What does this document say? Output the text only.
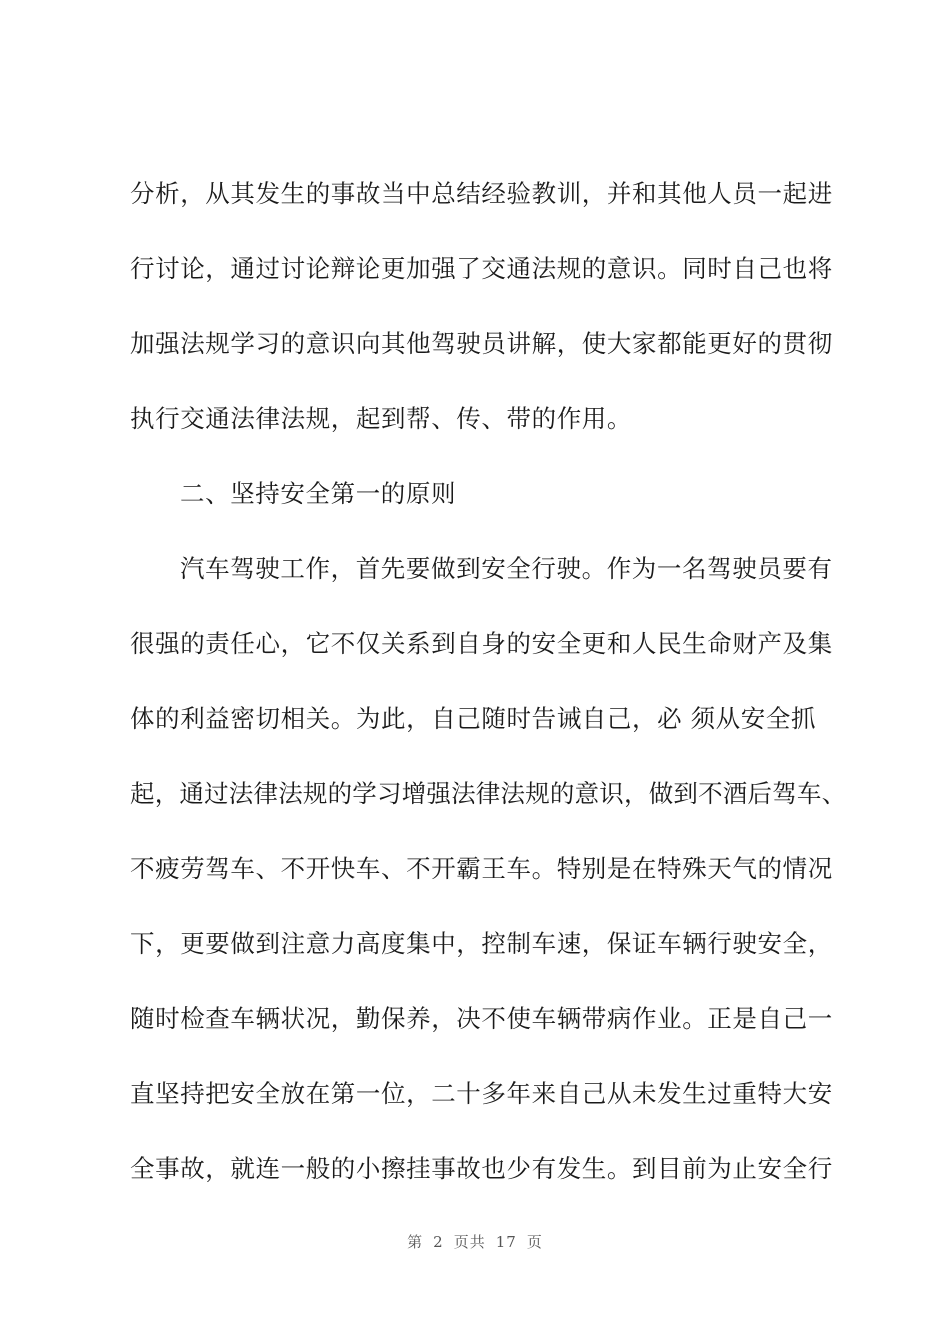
分析，从其发生的事故当中总结经验教训，并和其他人员一起进
行讨论，通过讨论辩论更加强了交通法规的意识。同时自己也将
加强法规学习的意识向其他驾驶员讲解，使大家都能更好的贯彻
执行交通法律法规，起到帮、传、带的作用。
二、坚持安全第一的原则
汽车驾驶工作，首先要做到安全行驶。作为一名驾驶员要有
很强的责任心，它不仅关系到自身的安全更和人民生命财产及集
体的利益密切相关。为此，自己随时告诫自己，必 须从安全抓
起，通过法律法规的学习增强法律法规的意识，做到不酒后驾车、
不疲劳驾车、不开快车、不开霸王车。特别是在特殊天气的情况
下，更要做到注意力高度集中，控制车速，保证车辆行驶安全，
随时检查车辆状况，勤保养，决不使车辆带病作业。正是自己一
直坚持把安全放在第一位，二十多年来自己从未发生过重特大安
全事故，就连一般的小擦挂事故也少有发生。到目前为止安全行
第 2 页共 17 页
